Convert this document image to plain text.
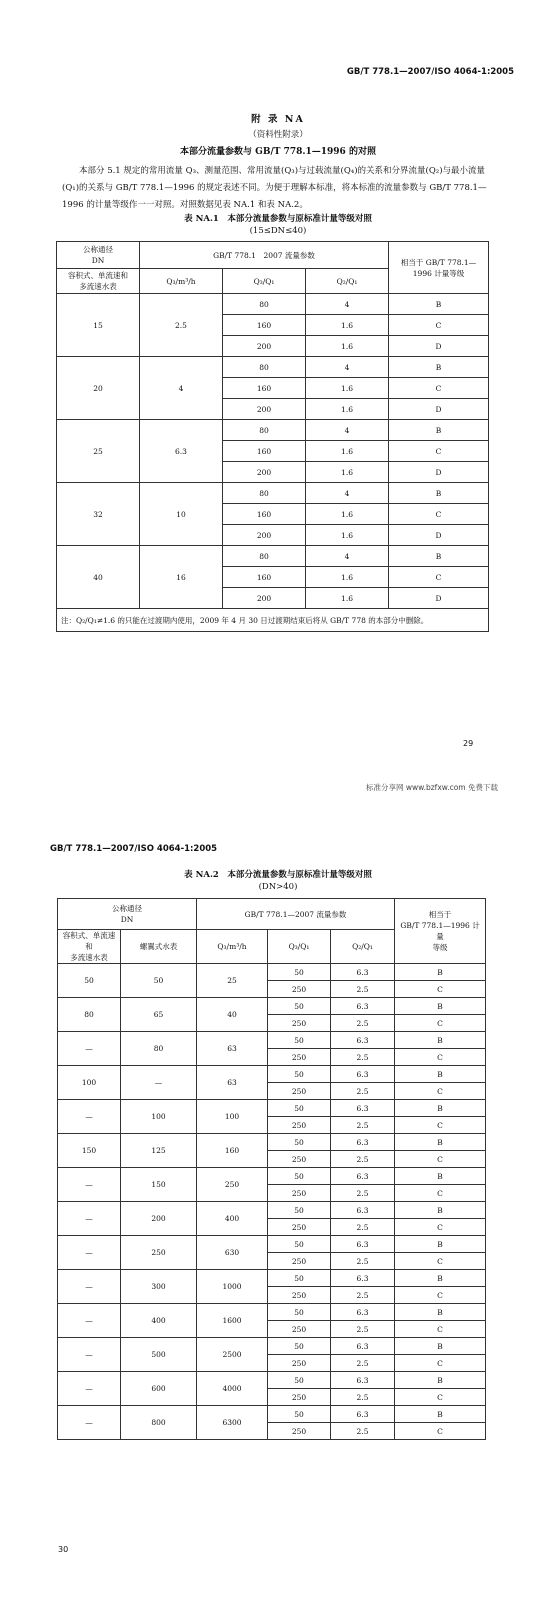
GB/T 778.1—2007/ISO 4064-1:2005
附 录 NA
（资料性附录）
本部分流量参数与 GB/T 778.1—1996 的对照
本部分 5.1 规定的常用流量 Q₃、测量范围、常用流量(Q₃)与过载流量(Q₄)的关系和分界流量(Q₂)与最小流量(Q₁)的关系与 GB/T 778.1—1996 的规定表述不同。为便于理解本标准，将本标准的流量参数与 GB/T 778.1—1996 的计量等级作一一对照。对照数据见表 NA.1 和表 NA.2。
表 NA.1　本部分流量参数与原标准计量等级对照
(15≤DN≤40)
公称通径
DN	GB/T 778.1　2007 流量参数			相当于 GB/T 778.1—
1996 计量等级
容积式、单流速和
多流速水表				
	Q₃/m³/h	Q₃/Q₁	Q₂/Q₁	
15	2.5	80	4	B
		160	1.6	C
		200	1.6	D
20	4	80	4	B
		160	1.6	C
		200	1.6	D
25	6.3	80	4	B
		160	1.6	C
		200	1.6	D
32	10	80	4	B
		160	1.6	C
		200	1.6	D
40	16	80	4	B
		160	1.6	C
		200	1.6	D
注：Q₂/Q₁≠1.6 的只能在过渡期内使用，2009 年 4 月 30 日过渡期结束后将从 GB/T 778 的本部分中删除。				
29
标准分享网 www.bzfxw.com 免费下载
GB/T 778.1—2007/ISO 4064-1:2005
表 NA.2　本部分流量参数与原标准计量等级对照
(DN>40)
公称通径
DN		GB/T 778.1—2007 流量参数			相当于
GB/T 778.1—1996 计量
等级
容积式、单流速和
多流速水表	螺翼式水表	Q₃/m³/h	Q₃/Q₁	Q₂/Q₁	
50	50	25	50	6.3	B
			250	2.5	C
80	65	40	50	6.3	B
			250	2.5	C
—	80	63	50	6.3	B
			250	2.5	C
100	—	63	50	6.3	B
			250	2.5	C
—	100	100	50	6.3	B
			250	2.5	C
150	125	160	50	6.3	B
			250	2.5	C
—	150	250	50	6.3	B
			250	2.5	C
—	200	400	50	6.3	B
			250	2.5	C
—	250	630	50	6.3	B
			250	2.5	C
—	300	1000	50	6.3	B
			250	2.5	C
—	400	1600	50	6.3	B
			250	2.5	C
—	500	2500	50	6.3	B
			250	2.5	C
—	600	4000	50	6.3	B
			250	2.5	C
—	800	6300	50	6.3	B
			250	2.5	C
30
